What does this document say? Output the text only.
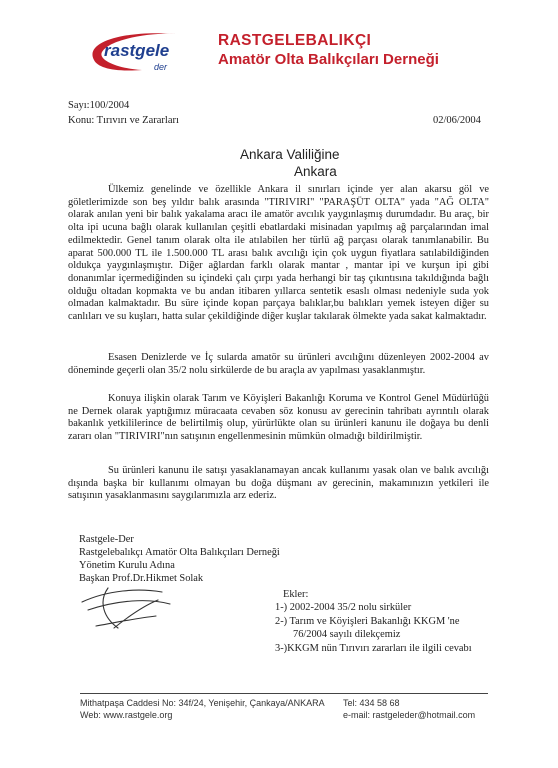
rastgele
der
RASTGELEBALIKÇI
Amatör Olta Balıkçıları Derneği
Sayı:100/2004
Konu: Tırıvırı ve Zararları	02/06/2004
Ankara Valiliğine
Ankara

Ülkemiz genelinde ve özellikle Ankara il sınırları içinde yer alan akarsu göl ve göletlerimizde son beş yıldır balık arasında "TIRIVIRI" "PARAŞÜT OLTA" yada "AĞ OLTA" olarak anılan yeni bir balık yakalama aracı ile amatör avcılık yaygınlaşmış durumdadır. Bu araç, bir olta ipi ucuna bağlı olarak kullanılan çeşitli ebatlardaki misinadan yapılmış ağ parçalarından imal edilmektedir. Genel tanım olarak olta ile atılabilen her türlü ağ parçası olarak tanımlanabilir. Bu aparat 500.000 TL ile 1.500.000 TL arası balık avcılığı için çok uygun fiyatlara satılabildiğinden oldukça yaygınlaşmıştır. Diğer ağlardan farklı olarak mantar , mantar ipi ve kurşun ipi gibi donanımlar içermediğinden su içindeki çalı çırpı yada herhangi bir taş çıkıntısına takıldığında bağlı olduğu oltadan kopmakta ve bu andan itibaren yıllarca sentetik esaslı olması nedeniyle suda yok olmadan kalmaktadır. Bu süre içinde kopan parçaya balıklar,bu balıkları yemek isteyen diğer su canlıları ve su kuşları, hatta sular çekildiğinde diğer kuşlar takılarak ölmekte yada sakat kalmaktadır.

Esasen Denizlerde ve İç sularda amatör su ürünleri avcılığını düzenleyen 2002-2004 av döneminde geçerli olan 35/2 nolu sirkülerde de bu araçla av yapılması yasaklanmıştır.

Konuya ilişkin olarak Tarım ve Köyişleri Bakanlığı Koruma ve Kontrol Genel Müdürlüğü ne Dernek olarak yaptığımız müracaata cevaben söz konusu av gerecinin tahribatı ayrıntılı olarak bakanlık yetkililerince de belirtilmiş olup, yürürlükte olan su ürünleri kanunu ile doğaya bu denli zararı olan "TIRIVIRI"nın satışının engellenmesinin mümkün olmadığı bildirilmiştir.

Su ürünleri kanunu ile satışı yasaklanamayan ancak kullanımı yasak olan ve balık avcılığı dışında başka bir kullanımı olmayan bu doğa düşmanı av gerecinin, makamınızın yetkileri ile satışının yasaklanmasını saygılarımızla arz ederiz.

Rastgele-Der
Rastgelebalıkçı Amatör Olta Balıkçıları Derneği
Yönetim Kurulu Adına
Başkan Prof.Dr.Hikmet Solak
Ekler:
1-) 2002-2004 35/2 nolu sirküler
2-) Tarım ve Köyişleri Bakanlığı KKGM 'ne
76/2004 sayılı dilekçemiz
3-)KKGM nün Tırıvırı zararları ile ilgili cevabı
Mithatpaşa Caddesi No: 34f/24, Yenişehir, Çankaya/ANKARA
Web: www.rastgele.org
Tel: 434 58 68
e-mail: rastgeleder@hotmail.com
